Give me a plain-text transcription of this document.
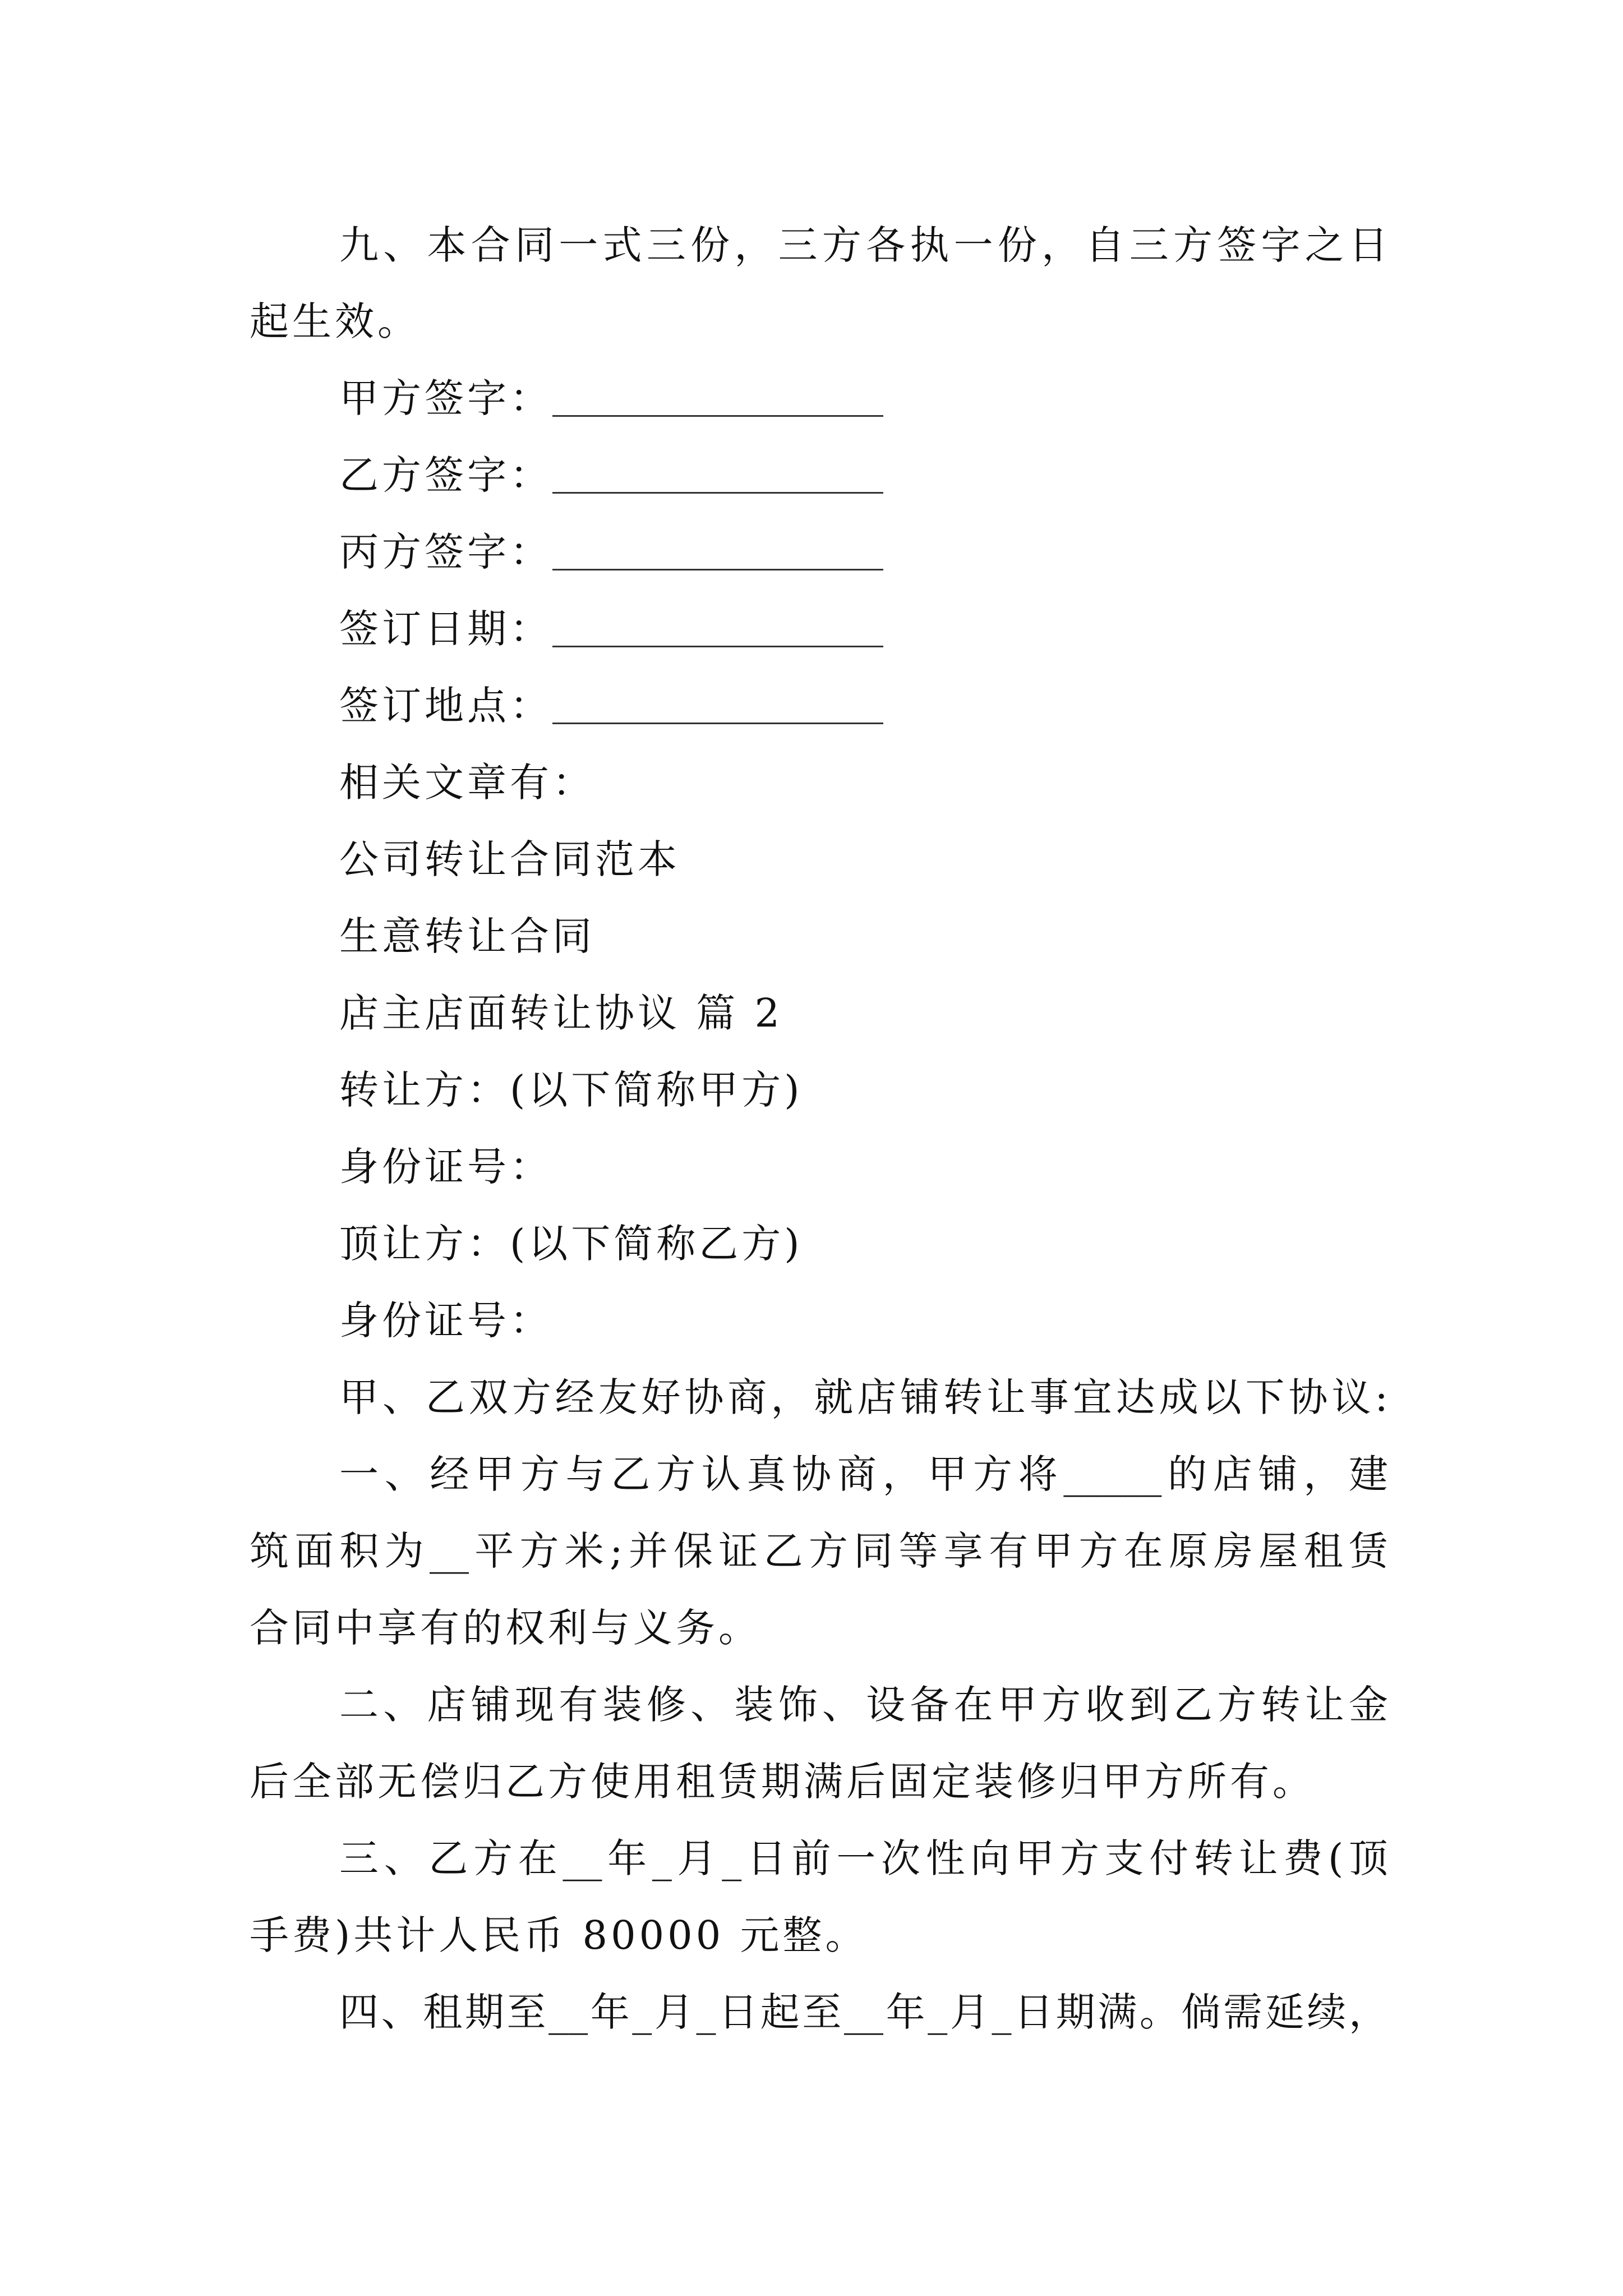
九、本合同一式三份，三方各执一份，自三方签字之日
起生效。
甲方签字：
乙方签字：
丙方签字：
签订日期：
签订地点：
相关文章有：
公司转让合同范本
生意转让合同
店主店面转让协议 篇 2
转让方：(以下简称甲方)
身份证号：
顶让方：(以下简称乙方)
身份证号：
甲、乙双方经友好协商，就店铺转让事宜达成以下协议:
一、经甲方与乙方认真协商，甲方将_____的店铺，建
筑面积为__平方米;并保证乙方同等享有甲方在原房屋租赁
合同中享有的权利与义务。
二、店铺现有装修、装饰、设备在甲方收到乙方转让金
后全部无偿归乙方使用租赁期满后固定装修归甲方所有。
三、乙方在__年_月_日前一次性向甲方支付转让费(顶
手费)共计人民币 80000 元整。
四、租期至__年_月_日起至__年_月_日期满。倘需延续，
